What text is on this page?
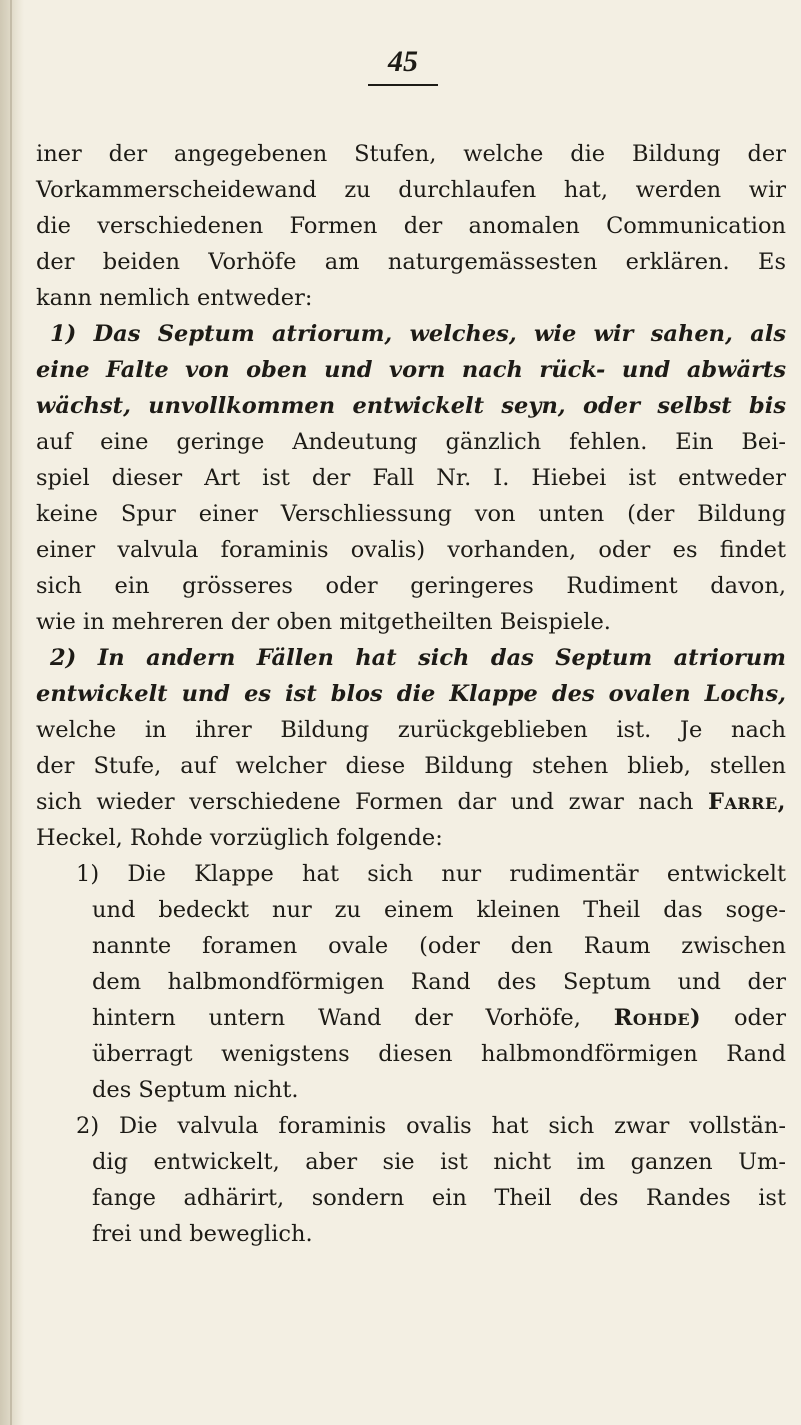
45
iner der angegebenen Stufen, welche die Bildung der
Vorkammerscheidewand zu durchlaufen hat, werden wir
die verschiedenen Formen der anomalen Communication
der beiden Vorhöfe am naturgemässesten erklären. Es
kann nemlich entweder:
1) Das Septum atriorum, welches, wie wir sahen, als
eine Falte von oben und vorn nach rück- und abwärts
wächst, unvollkommen entwickelt seyn, oder selbst bis
auf eine geringe Andeutung gänzlich fehlen. Ein Bei-
spiel dieser Art ist der Fall Nr. I. Hiebei ist entweder
keine Spur einer Verschliessung von unten (der Bildung
einer valvula foraminis ovalis) vorhanden, oder es findet
sich ein grösseres oder geringeres Rudiment davon,
wie in mehreren der oben mitgetheilten Beispiele.
2) In andern Fällen hat sich das Septum atriorum
entwickelt und es ist blos die Klappe des ovalen Lochs,
welche in ihrer Bildung zurückgeblieben ist. Je nach
der Stufe, auf welcher diese Bildung stehen blieb, stellen
sich wieder verschiedene Formen dar und zwar nach Farre,
Heckel, Rohde vorzüglich folgende:
1) Die Klappe hat sich nur rudimentär entwickelt
und bedeckt nur zu einem kleinen Theil das soge-
nannte foramen ovale (oder den Raum zwischen
dem halbmondförmigen Rand des Septum und der
hintern untern Wand der Vorhöfe, Rohde) oder
überragt wenigstens diesen halbmondförmigen Rand
des Septum nicht.
2) Die valvula foraminis ovalis hat sich zwar vollstän-
dig entwickelt, aber sie ist nicht im ganzen Um-
fange adhärirt, sondern ein Theil des Randes ist
frei und beweglich.
